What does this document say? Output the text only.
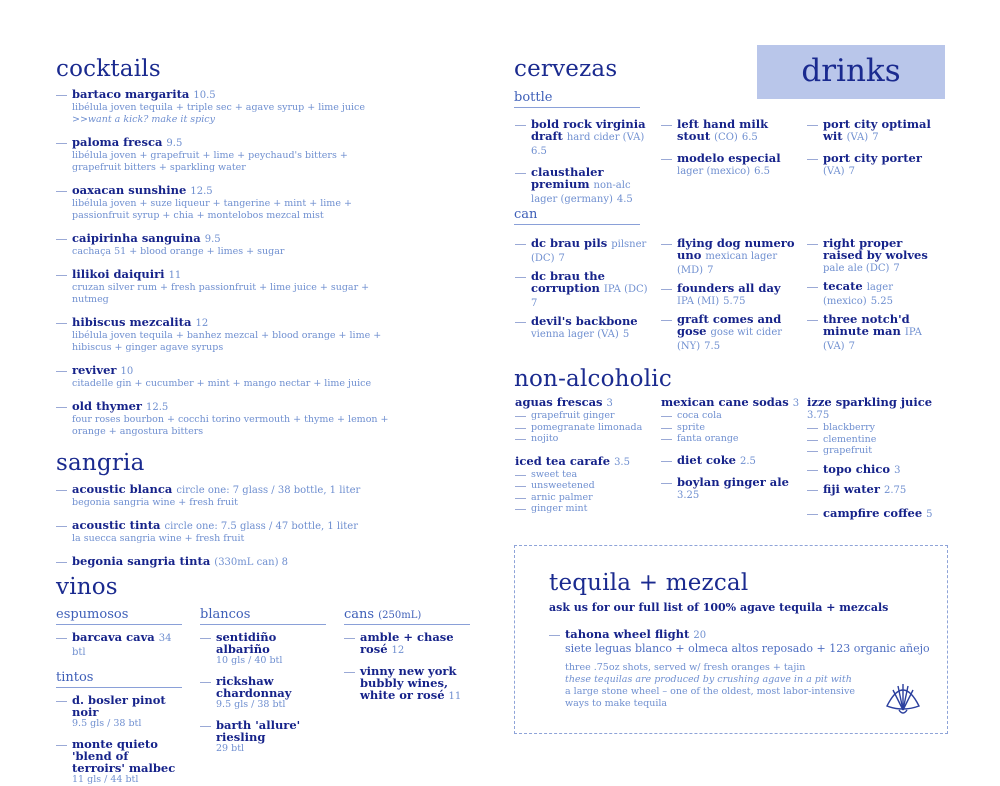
cocktails
bartaco margarita 10.5
libélula joven tequila + triple sec + agave syrup + lime juice
>>want a kick? make it spicy
paloma fresca 9.5
libélula joven + grapefruit + lime + peychaud's bitters + grapefruit bitters + sparkling water
oaxacan sunshine 12.5
libélula joven + suze liqueur + tangerine + mint + lime + passionfruit syrup + chia + montelobos mezcal mist
caipirinha sanguina 9.5
cachaça 51 + blood orange + limes + sugar
lilikoi daiquiri 11
cruzan silver rum + fresh passionfruit + lime juice + sugar + nutmeg
hibiscus mezcalita 12
libélula joven tequila + banhez mezcal + blood orange + lime + hibiscus + ginger agave syrups
reviver 10
citadelle gin + cucumber + mint + mango nectar + lime juice
old thymer 12.5
four roses bourbon + cocchi torino vermouth + thyme + lemon + orange + angostura bitters
sangria
acoustic blanca circle one: 7 glass / 38 bottle, 1 liter
begonia sangria wine + fresh fruit
acoustic tinta circle one: 7.5 glass / 47 bottle, 1 liter
la suecca sangria wine + fresh fruit
begonia sangria tinta (330mL can) 8
vinos
espumosos
barcava cava 34 btl
tintos
d. bosler pinot noir
9.5 gls / 38 btl
monte quieto 'blend of terroirs' malbec
11 gls / 44 btl
blancos
sentidiño albariño
10 gls / 40 btl
rickshaw chardonnay
9.5 gls / 38 btl
barth 'allure' riesling
29 btl
cans (250mL)
amble + chase rosé 12
vinny new york bubbly wines, white or rosé 11
drinks
cervezas
bottle
bold rock virginia draft hard cider (VA) 6.5
clausthaler premium non-alc lager (germany) 4.5
left hand milk stout (CO) 6.5
modelo especial lager (mexico) 6.5
port city optimal wit (VA) 7
port city porter (VA) 7
can
dc brau pils pilsner (DC) 7
dc brau the corruption IPA (DC) 7
devil's backbone vienna lager (VA) 5
flying dog numero uno mexican lager (MD) 7
founders all day IPA (MI) 5.75
graft comes and gose gose wit cider (NY) 7.5
right proper raised by wolves pale ale (DC) 7
tecate lager (mexico) 5.25
three notch'd minute man IPA (VA) 7
non-alcoholic
aguas frescas 3
grapefruit ginger
pomegranate limonada
nojito
iced tea carafe 3.5
sweet tea
unsweetened
arnic palmer
ginger mint
mexican cane sodas 3
coca cola
sprite
fanta orange
diet coke 2.5
boylan ginger ale
3.25
izze sparkling juice 3.75
blackberry
clementine
grapefruit
topo chico 3
fiji water 2.75
campfire coffee 5
tequila + mezcal
ask us for our full list of 100% agave tequila + mezcals
tahona wheel flight 20
siete leguas blanco + olmeca altos reposado + 123 organic añejo
three .75oz shots, served w/ fresh oranges + tajin
these tequilas are produced by crushing agave in a pit with
a large stone wheel – one of the oldest, most labor-intensive
ways to make tequila
